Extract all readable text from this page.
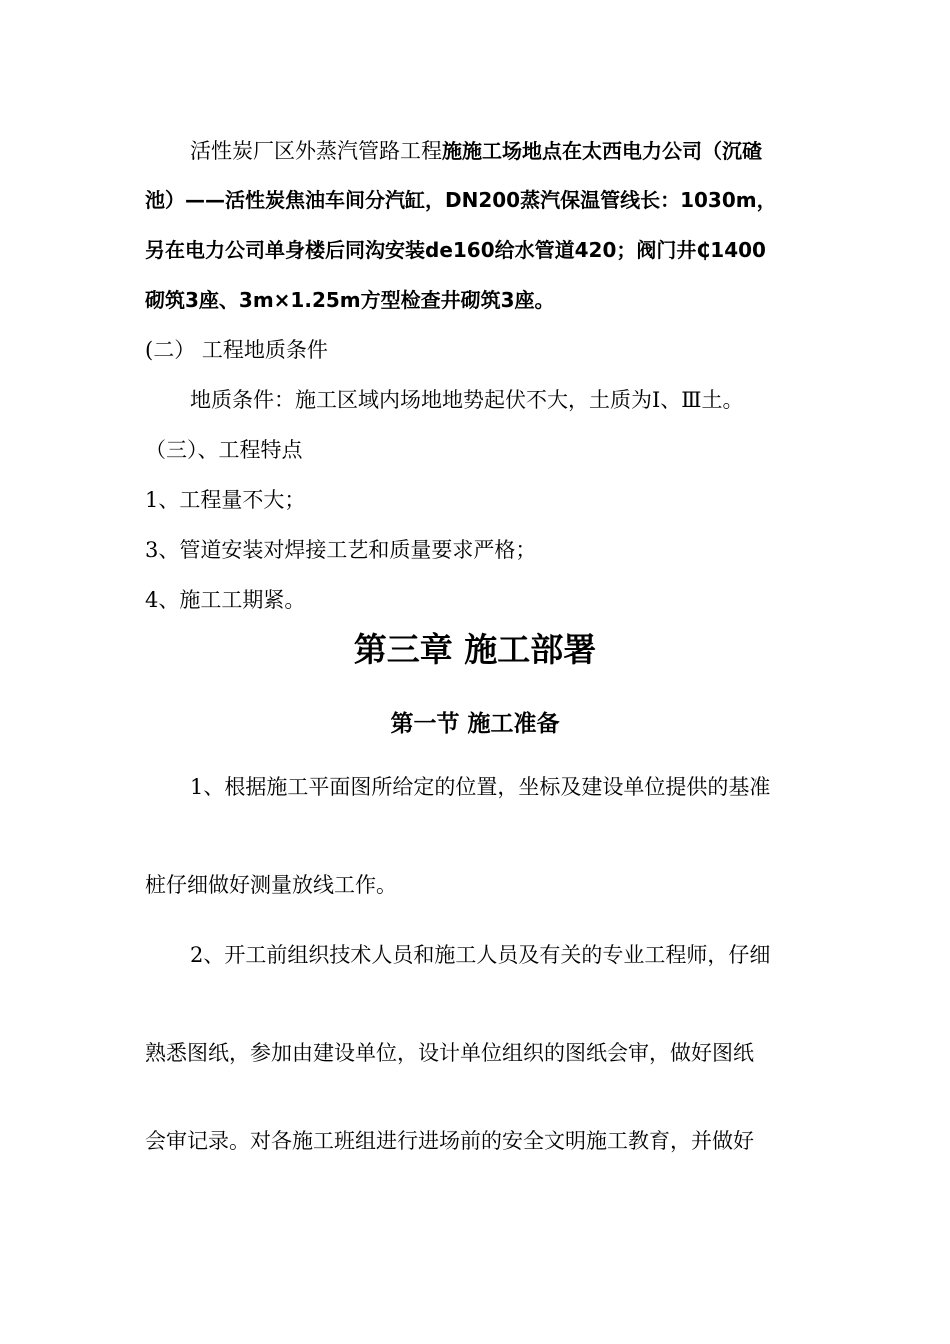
活性炭厂区外蒸汽管路工程施施工场地点在太西电力公司（沉碴
池）——活性炭焦油车间分汽缸，DN200蒸汽保温管线长：1030m，
另在电力公司单身楼后同沟安装de160给水管道420；阀门井₵1400
砌筑3座、3m×1.25m方型检查井砌筑3座。
(二） 工程地质条件
地质条件：施工区域内场地地势起伏不大，土质为Ⅰ、Ⅲ土。
（三）、工程特点
1、工程量不大；
3、管道安装对焊接工艺和质量要求严格；
4、施工工期紧。
第三章 施工部署
第一节 施工准备
1、根据施工平面图所给定的位置，坐标及建设单位提供的基准
桩仔细做好测量放线工作。
2、开工前组织技术人员和施工人员及有关的专业工程师，仔细
熟悉图纸，参加由建设单位，设计单位组织的图纸会审，做好图纸
会审记录。对各施工班组进行进场前的安全文明施工教育，并做好
